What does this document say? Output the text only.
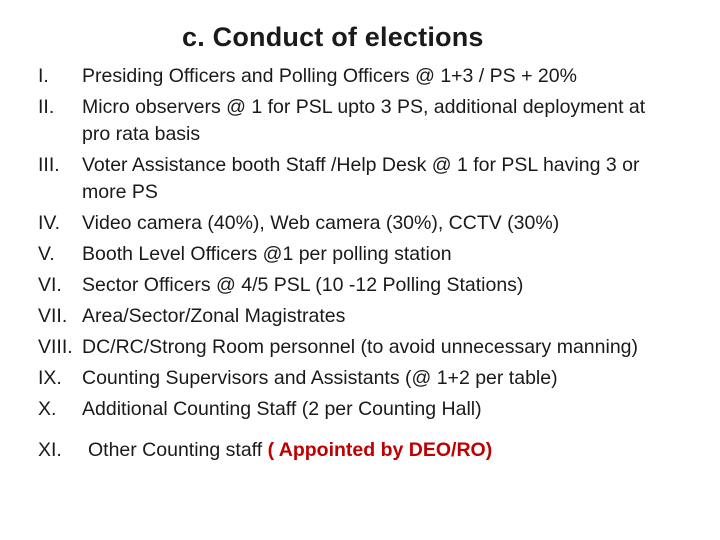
c. Conduct of elections
I.	Presiding Officers and Polling Officers @ 1+3 / PS + 20%
II.	Micro observers @ 1 for PSL upto 3 PS, additional deployment at pro rata basis
III.	Voter Assistance booth Staff /Help Desk @ 1 for PSL having 3 or more PS
IV.	Video camera (40%), Web camera (30%), CCTV (30%)
V.	Booth Level Officers @1 per polling station
VI.	Sector Officers @ 4/5 PSL (10 -12 Polling Stations)
VII. Area/Sector/Zonal Magistrates
VIII. DC/RC/Strong Room personnel (to avoid unnecessary manning)
IX.	Counting Supervisors and Assistants (@ 1+2 per table)
X.	Additional Counting Staff (2 per Counting Hall)
XI.	Other Counting staff ( Appointed by DEO/RO)
